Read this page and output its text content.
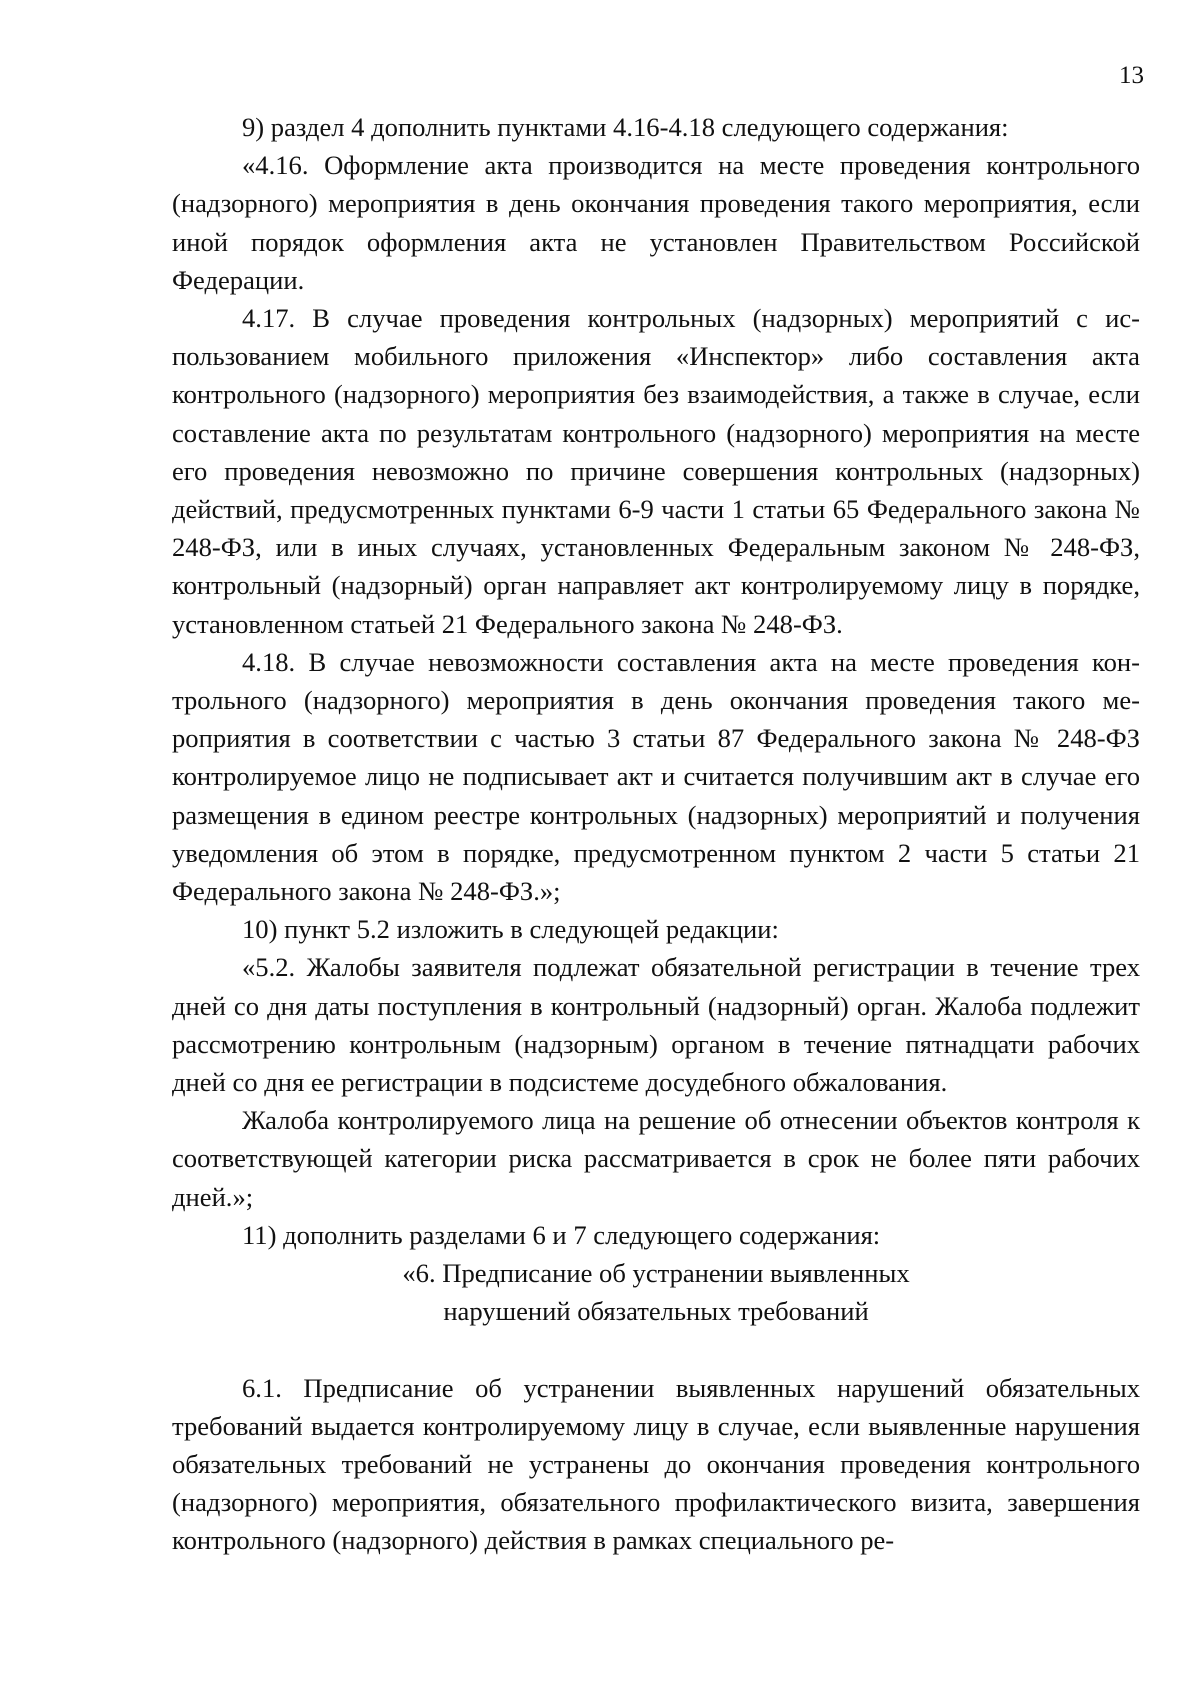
13

9) раздел 4 дополнить пунктами 4.16-4.18 следующего содержания:

«4.16. Оформление акта производится на месте проведения контрольного (надзорного) мероприятия в день окончания проведения такого мероприятия, если иной порядок оформления акта не установлен Правительством Российской Федерации.

4.17. В случае проведения контрольных (надзорных) мероприятий с использованием мобильного приложения «Инспектор» либо составления акта контрольного (надзорного) мероприятия без взаимодействия, а также в случае, если составление акта по результатам контрольного (надзорного) мероприятия на месте его проведения невозможно по причине совершения контрольных (надзорных) действий, предусмотренных пунктами 6-9 части 1 статьи 65 Федерального закона № 248-ФЗ, или в иных случаях, установленных Федеральным законом № 248-ФЗ, контрольный (надзорный) орган направляет акт контролируемому лицу в порядке, установленном статьей 21 Федерального закона № 248-ФЗ.

4.18. В случае невозможности составления акта на месте проведения контрольного (надзорного) мероприятия в день окончания проведения такого мероприятия в соответствии с частью 3 статьи 87 Федерального закона № 248-ФЗ контролируемое лицо не подписывает акт и считается получившим акт в случае его размещения в едином реестре контрольных (надзорных) мероприятий и получения уведомления об этом в порядке, предусмотренном пунктом 2 части 5 статьи 21 Федерального закона № 248-ФЗ.»;

10) пункт 5.2 изложить в следующей редакции:

«5.2. Жалобы заявителя подлежат обязательной регистрации в течение трех дней со дня даты поступления в контрольный (надзорный) орган. Жалоба подлежит рассмотрению контрольным (надзорным) органом в течение пятнадцати рабочих дней со дня ее регистрации в подсистеме досудебного обжалования.

Жалоба контролируемого лица на решение об отнесении объектов контроля к соответствующей категории риска рассматривается в срок не более пяти рабочих дней.»;

11) дополнить разделами 6 и 7 следующего содержания:

«6. Предписание об устранении выявленных
нарушений обязательных требований

6.1. Предписание об устранении выявленных нарушений обязательных требований выдается контролируемому лицу в случае, если выявленные нарушения обязательных требований не устранены до окончания проведения контрольного (надзорного) мероприятия, обязательного профилактического визита, завершения контрольного (надзорного) действия в рамках специального ре-
